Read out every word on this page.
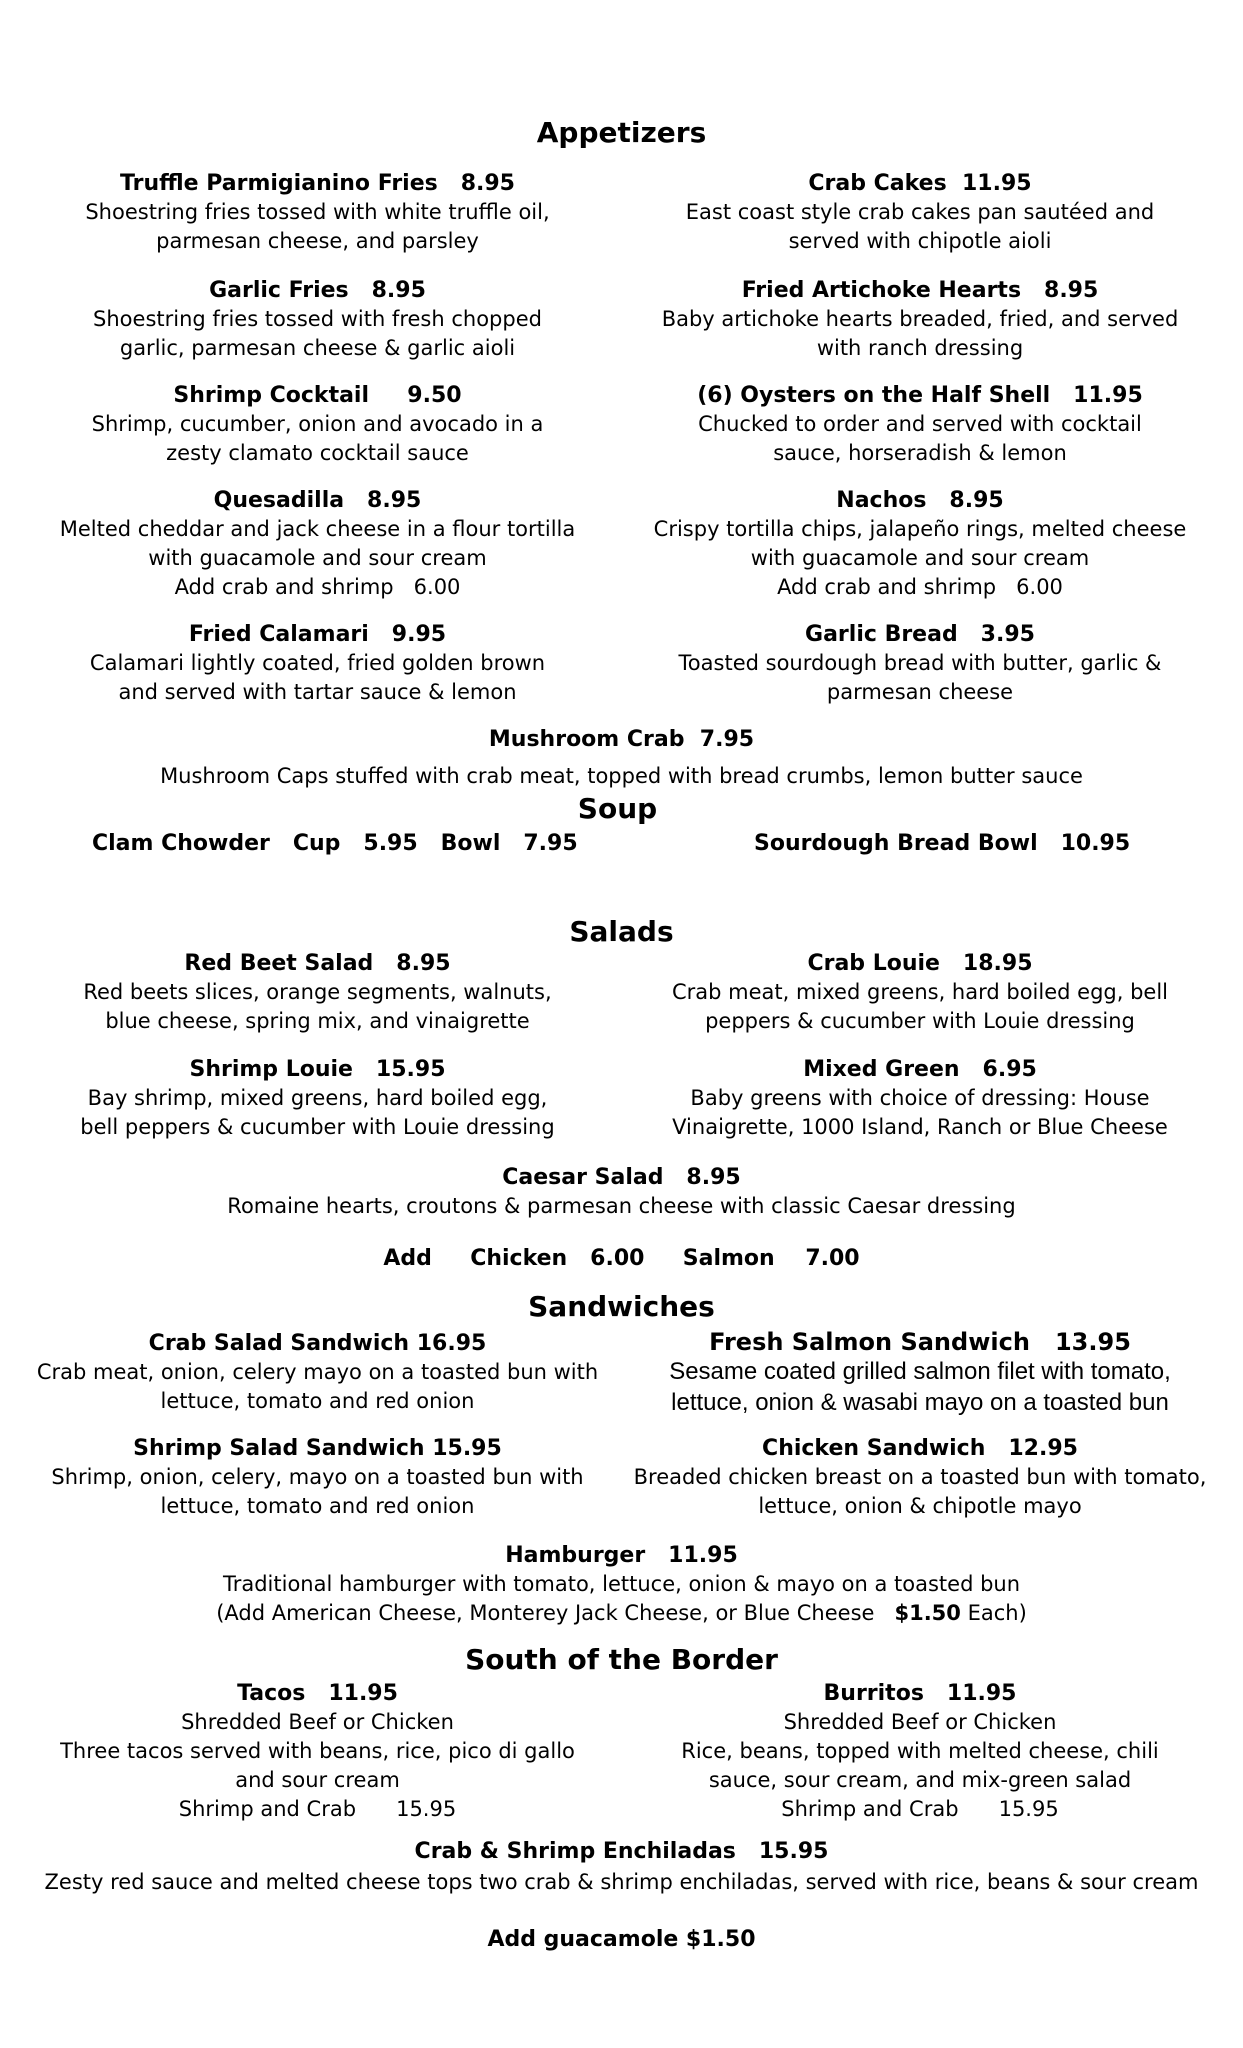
Appetizers
Truffle Parmigianino Fries   8.95
Shoestring fries tossed with white truffle oil, parmesan cheese, and parsley
Crab Cakes  11.95
East coast style crab cakes pan sautéed and served with chipotle aioli
Garlic Fries   8.95
Shoestring fries tossed with fresh chopped garlic, parmesan cheese & garlic aioli
Fried Artichoke Hearts   8.95
Baby artichoke hearts breaded, fried, and served with ranch dressing
Shrimp Cocktail     9.50
Shrimp, cucumber, onion and avocado in a zesty clamato cocktail sauce
(6) Oysters on the Half Shell   11.95
Chucked to order and served with cocktail sauce, horseradish & lemon
Quesadilla   8.95
Melted cheddar and jack cheese in a flour tortilla with guacamole and sour cream
Add crab and shrimp   6.00
Nachos   8.95
Crispy tortilla chips, jalapeño rings, melted cheese with guacamole and sour cream
Add crab and shrimp   6.00
Fried Calamari   9.95
Calamari lightly coated, fried golden brown and served with tartar sauce & lemon
Garlic Bread   3.95
Toasted sourdough bread with butter, garlic & parmesan cheese
Mushroom Crab  7.95
Mushroom Caps stuffed with crab meat, topped with bread crumbs, lemon butter sauce
Soup
Clam Chowder   Cup   5.95   Bowl   7.95	Sourdough Bread Bowl   10.95
Salads
Red Beet Salad   8.95
Red beets slices, orange segments, walnuts, blue cheese, spring mix, and vinaigrette
Crab Louie   18.95
Crab meat, mixed greens, hard boiled egg, bell peppers & cucumber with Louie dressing
Shrimp Louie   15.95
Bay shrimp, mixed greens, hard boiled egg, bell peppers & cucumber with Louie dressing
Mixed Green   6.95
Baby greens with choice of dressing: House Vinaigrette, 1000 Island, Ranch or Blue Cheese
Caesar Salad   8.95
Romaine hearts, croutons & parmesan cheese with classic Caesar dressing
Add     Chicken   6.00     Salmon    7.00
Sandwiches
Crab Salad Sandwich 16.95
Crab meat, onion, celery mayo on a toasted bun with lettuce, tomato and red onion
Fresh Salmon Sandwich   13.95
Sesame coated grilled salmon filet with tomato, lettuce, onion & wasabi mayo on a toasted bun
Shrimp Salad Sandwich 15.95
Shrimp, onion, celery, mayo on a toasted bun with lettuce, tomato and red onion
Chicken Sandwich   12.95
Breaded chicken breast on a toasted bun with tomato, lettuce, onion & chipotle mayo
Hamburger   11.95
Traditional hamburger with tomato, lettuce, onion & mayo on a toasted bun
(Add American Cheese, Monterey Jack Cheese, or Blue Cheese   $1.50 Each)
South of the Border
Tacos   11.95
Shredded Beef or Chicken
Three tacos served with beans, rice, pico di gallo and sour cream
Shrimp and Crab      15.95
Burritos   11.95
Shredded Beef or Chicken
Rice, beans, topped with melted cheese, chili sauce, sour cream, and mix-green salad
Shrimp and Crab      15.95
Crab & Shrimp Enchiladas   15.95
Zesty red sauce and melted cheese tops two crab & shrimp enchiladas, served with rice, beans & sour cream
Add guacamole $1.50
